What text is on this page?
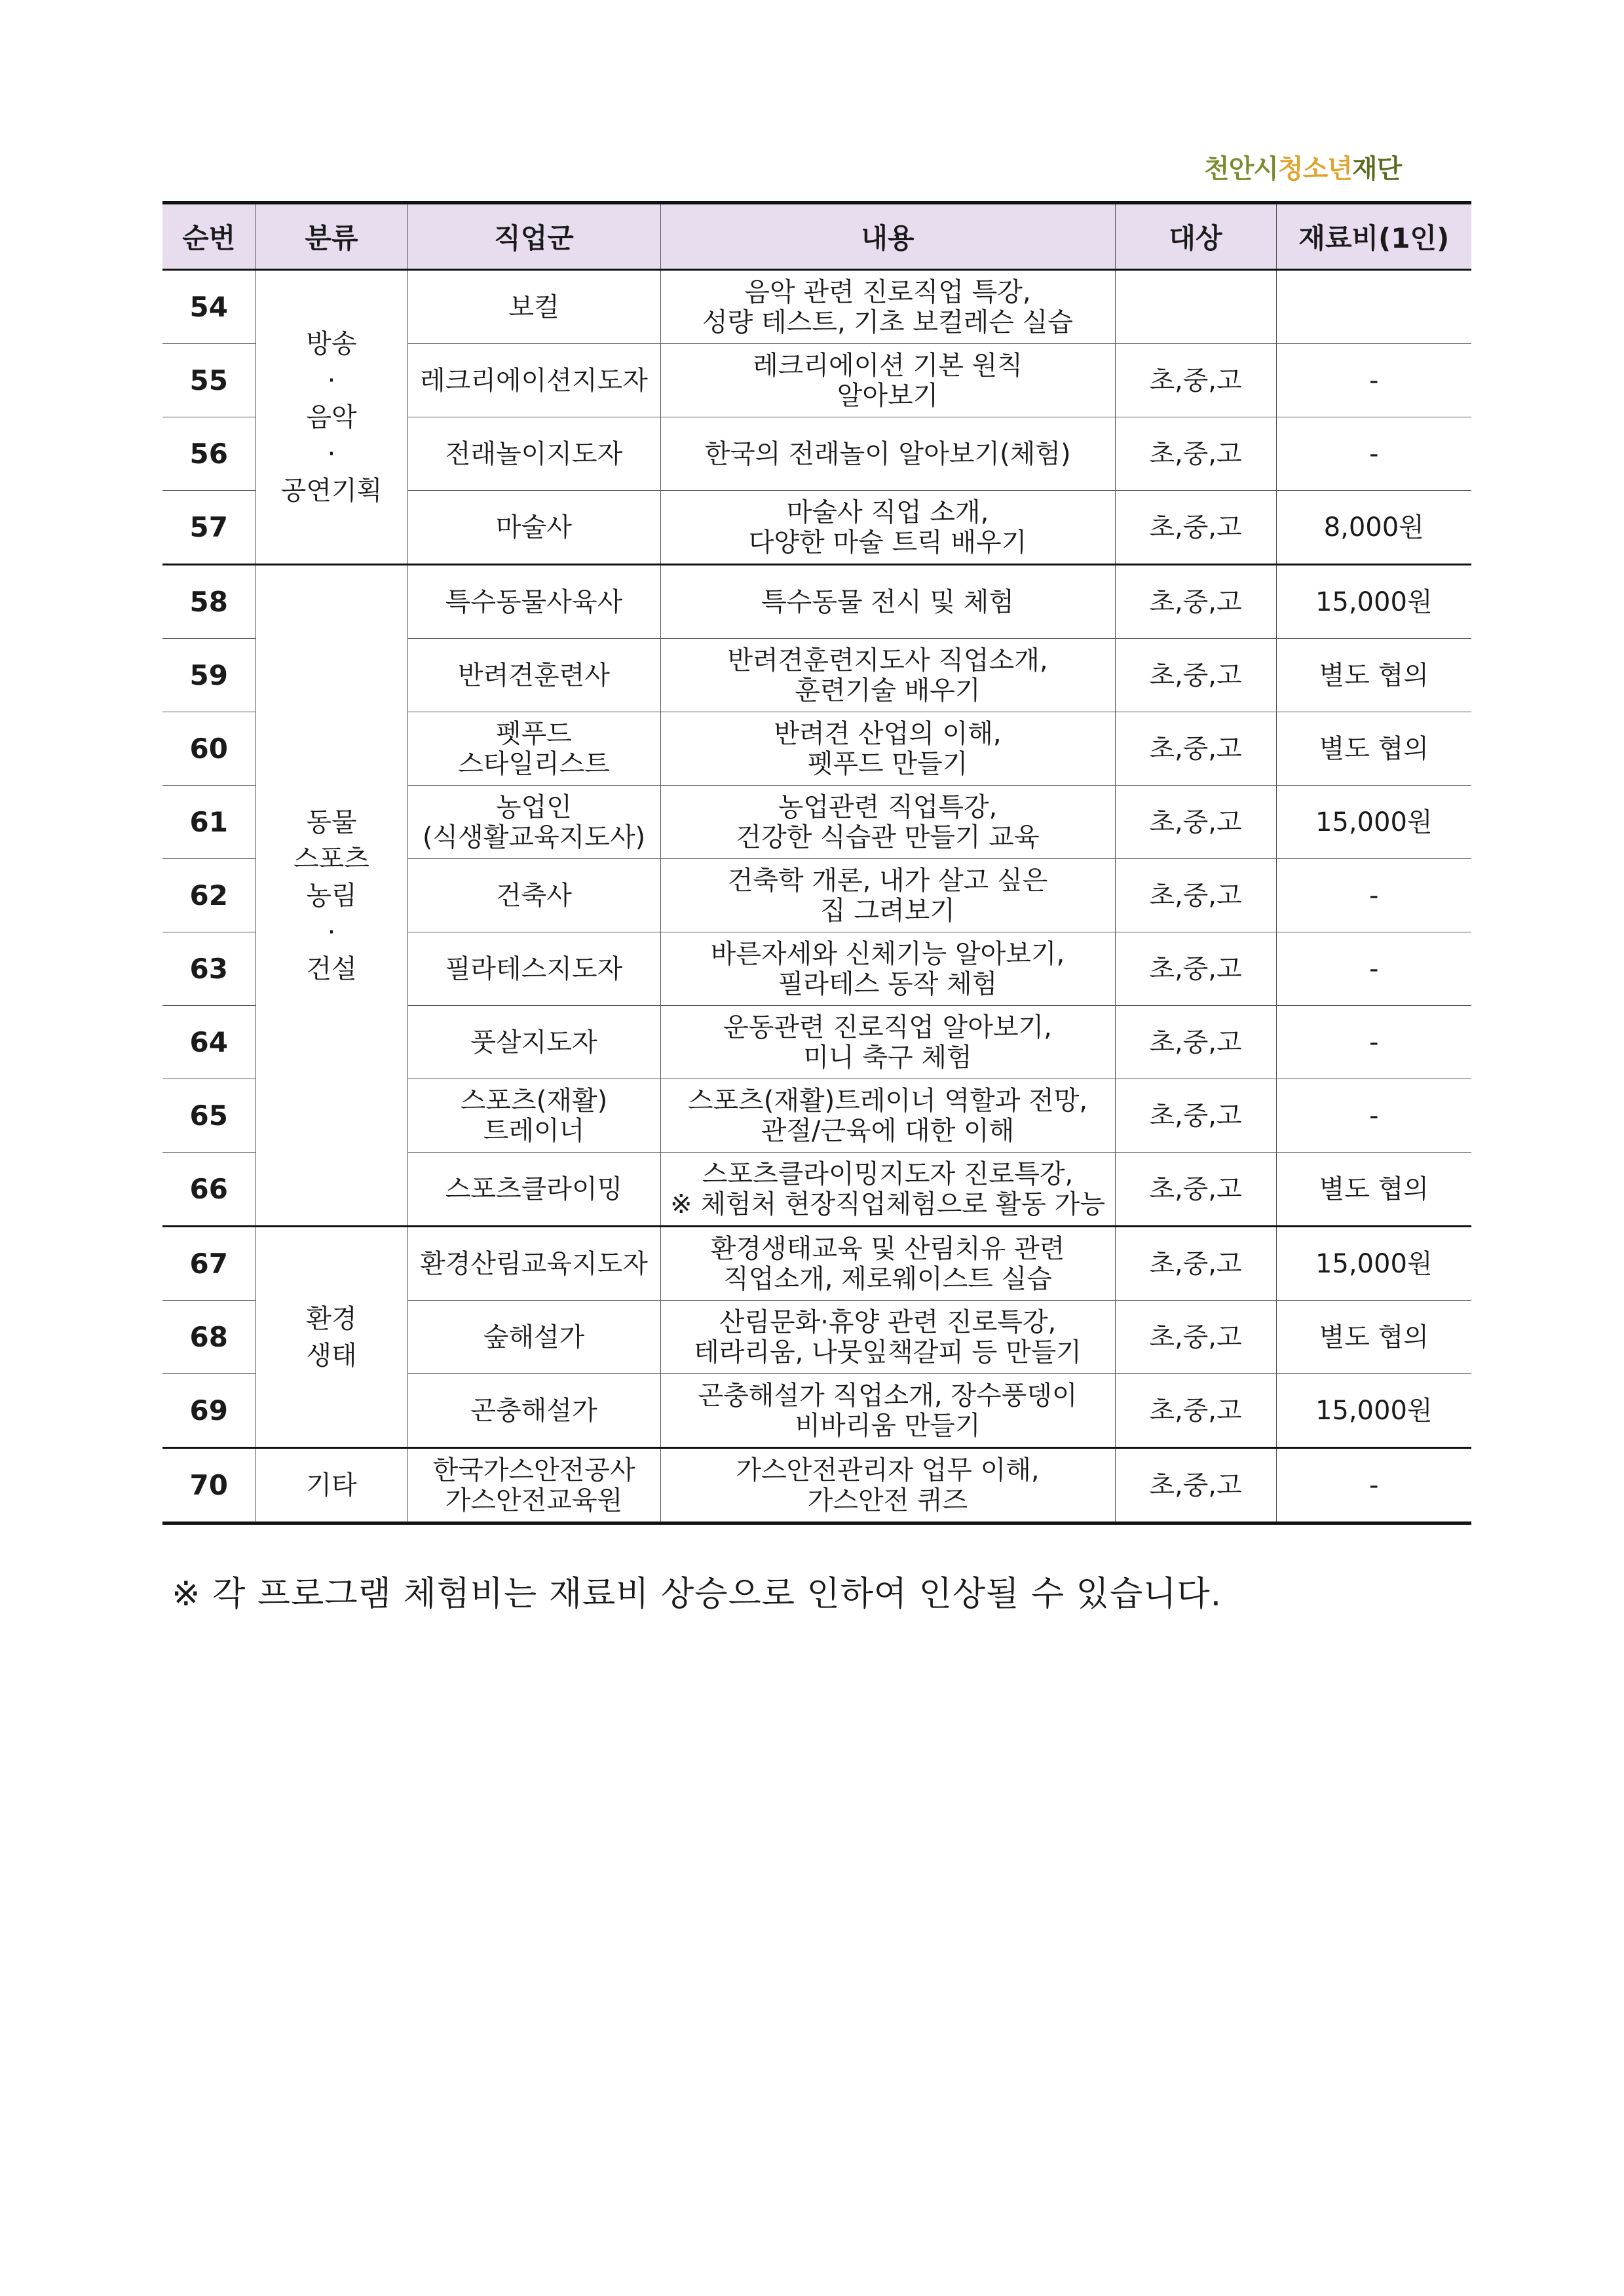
천안시청소년재단
순번	분류	직업군	내용	대상	재료비(1인)
54	방송
·
음악
·
공연기획	보컬	음악 관련 진로직업 특강,
성량 테스트, 기초 보컬레슨 실습		
55		레크리에이션지도자	레크리에이션 기본 원칙
알아보기	초,중,고	-
56		전래놀이지도자	한국의 전래놀이 알아보기(체험)	초,중,고	-
57		마술사	마술사 직업 소개,
다양한 마술 트릭 배우기	초,중,고	8,000원
58	동물
스포츠
농림
·
건설	특수동물사육사	특수동물 전시 및 체험	초,중,고	15,000원
59		반려견훈련사	반려견훈련지도사 직업소개,
훈련기술 배우기	초,중,고	별도 협의
60		펫푸드
스타일리스트	반려견 산업의 이해,
펫푸드 만들기	초,중,고	별도 협의
61		농업인
(식생활교육지도사)	농업관련 직업특강,
건강한 식습관 만들기 교육	초,중,고	15,000원
62		건축사	건축학 개론, 내가 살고 싶은
집 그려보기	초,중,고	-
63		필라테스지도자	바른자세와 신체기능 알아보기,
필라테스 동작 체험	초,중,고	-
64		풋살지도자	운동관련 진로직업 알아보기,
미니 축구 체험	초,중,고	-
65		스포츠(재활)
트레이너	스포츠(재활)트레이너 역할과 전망,
관절/근육에 대한 이해	초,중,고	-
66		스포츠클라이밍	스포츠클라이밍지도자 진로특강,
※ 체험처 현장직업체험으로 활동 가능	초,중,고	별도 협의
67	환경
생태	환경산림교육지도자	환경생태교육 및 산림치유 관련
직업소개, 제로웨이스트 실습	초,중,고	15,000원
68		숲해설가	산림문화·휴양 관련 진로특강,
테라리움, 나뭇잎책갈피 등 만들기	초,중,고	별도 협의
69		곤충해설가	곤충해설가 직업소개, 장수풍뎅이
비바리움 만들기	초,중,고	15,000원
70	기타	한국가스안전공사
가스안전교육원	가스안전관리자 업무 이해,
가스안전 퀴즈	초,중,고	-
※ 각 프로그램 체험비는 재료비 상승으로 인하여 인상될 수 있습니다.
